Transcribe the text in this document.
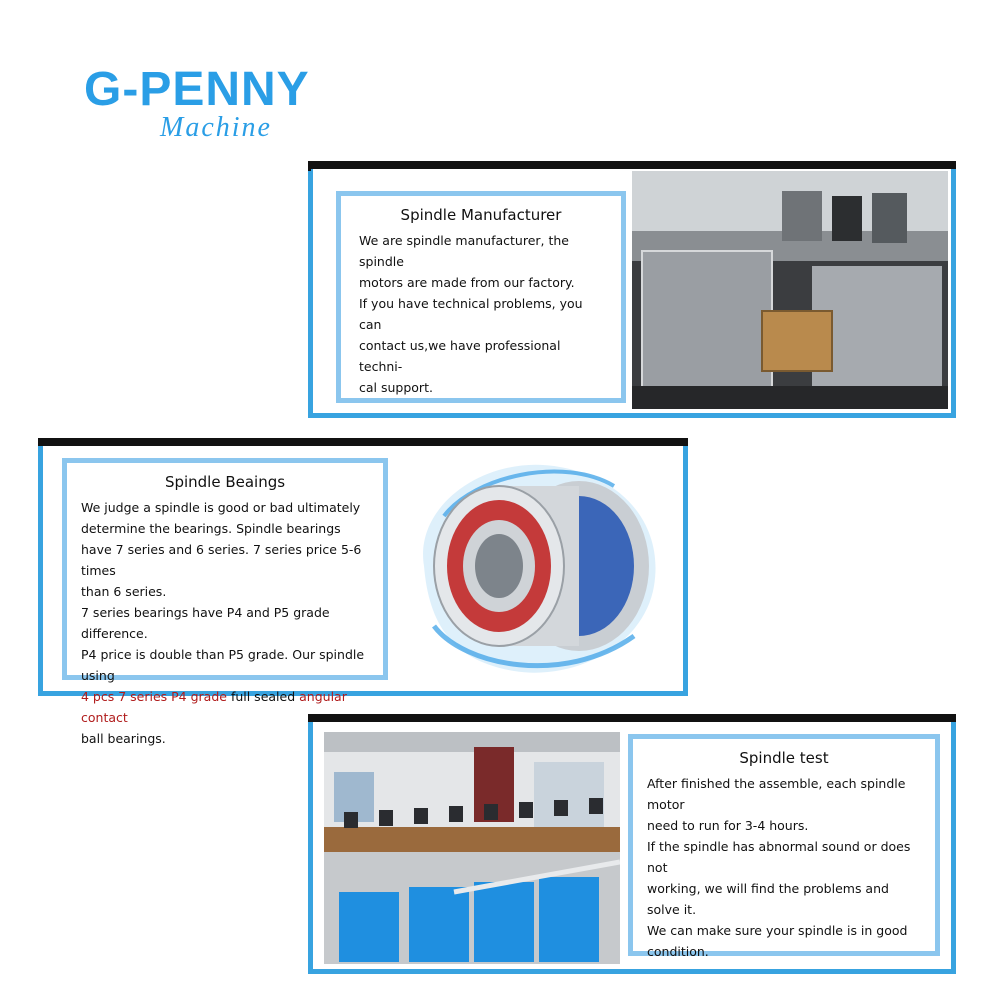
G-PENNY
Machine
Spindle Manufacturer

We are spindle manufacturer, the spindle

motors are made from our factory.

If you have technical problems, you can

contact us,we have professional techni-

cal support.

Spindle Beaings

We judge a spindle is good or bad ultimately

determine the bearings. Spindle bearings

have 7 series and 6 series. 7 series price 5-6 times

than 6 series.

7 series bearings have P4 and P5 grade difference.

P4 price is double than P5 grade. Our spindle using

4 pcs 7 series P4 grade full sealed angular contact

ball bearings.

Spindle test

After finished the assemble, each spindle motor

need to run for 3-4 hours.

If the spindle has abnormal sound or does not

working, we will find the problems and solve it.

We can make sure your spindle is in good

condition.
